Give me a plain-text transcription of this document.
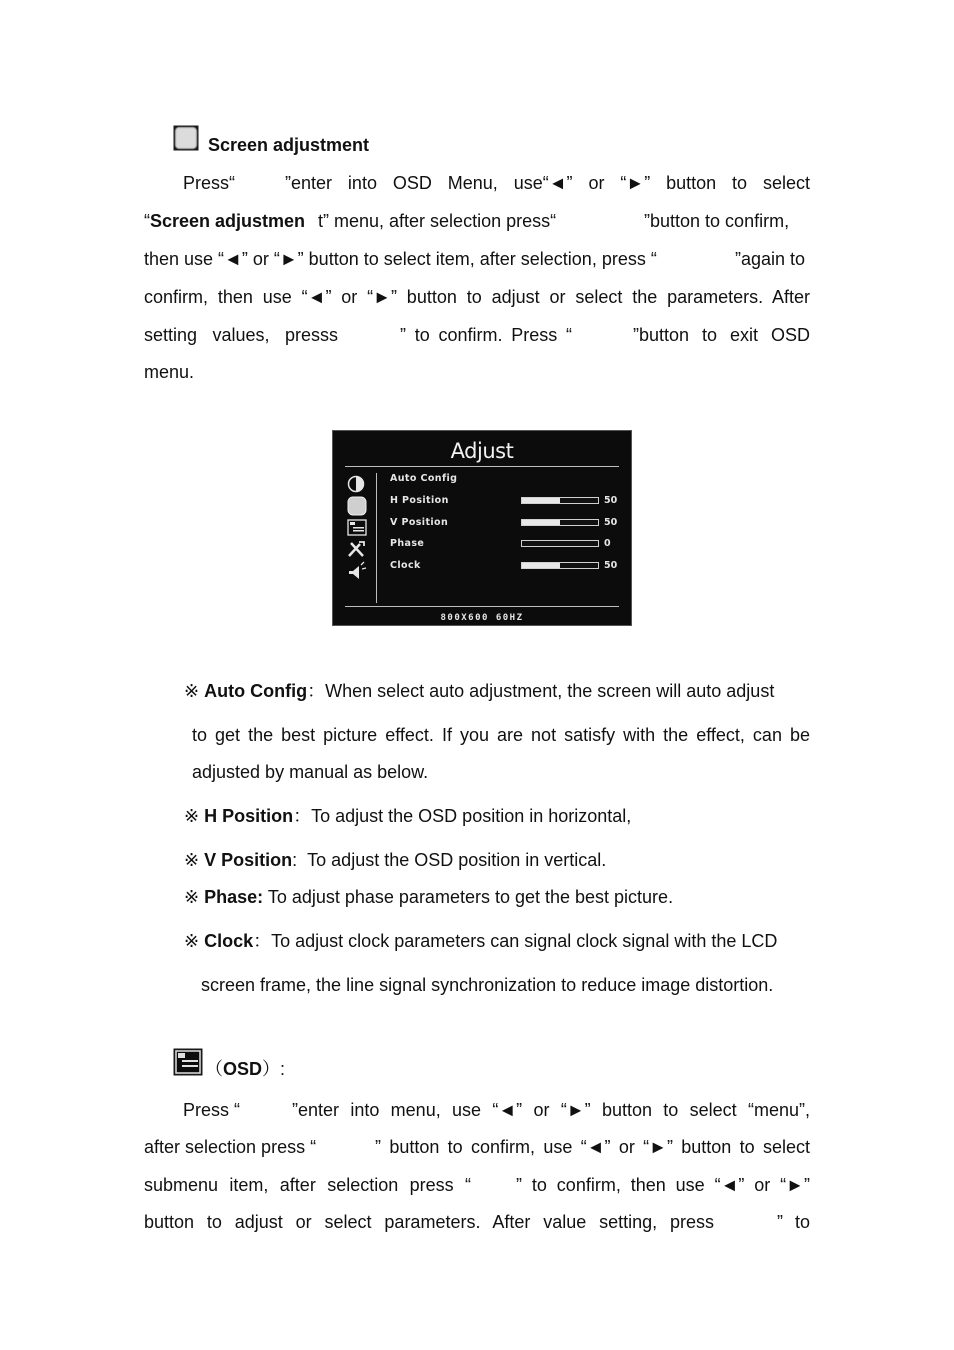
Screen adjustment
Press“	”enter into OSD Menu, use“◄” or “►” button to select
“Screen adjustmen t” menu, after selection press“	”button to confirm,
then use “◄” or “►” button to select item, after selection, press “	”again to
confirm, then use “◄” or “►” button to adjust or select the parameters. After
setting values, presss	” to confirm. Press “	”button to exit OSD
menu.
Adjust
Auto Config
H Position	50
V Position	50
Phase	0
Clock	50
800X600 60HZ
※ Auto Config：When select auto adjustment, the screen will auto adjust
to get the best picture effect. If you are not satisfy with the effect, can be
adjusted by manual as below.
※ H Position：To adjust the OSD position in horizontal,
※ V Position: To adjust the OSD position in vertical.
※ Phase: To adjust phase parameters to get the best picture.
※ Clock：To adjust clock parameters can signal clock signal with the LCD
screen frame, the line signal synchronization to reduce image distortion.
（OSD）:
Press “	”enter into menu, use “◄” or “►” button to select “menu”,
after selection press “	” button to confirm, use “◄” or “►” button to select
submenu item, after selection press “	” to confirm, then use “◄” or “►”
button to adjust or select parameters. After value setting, press	” to
